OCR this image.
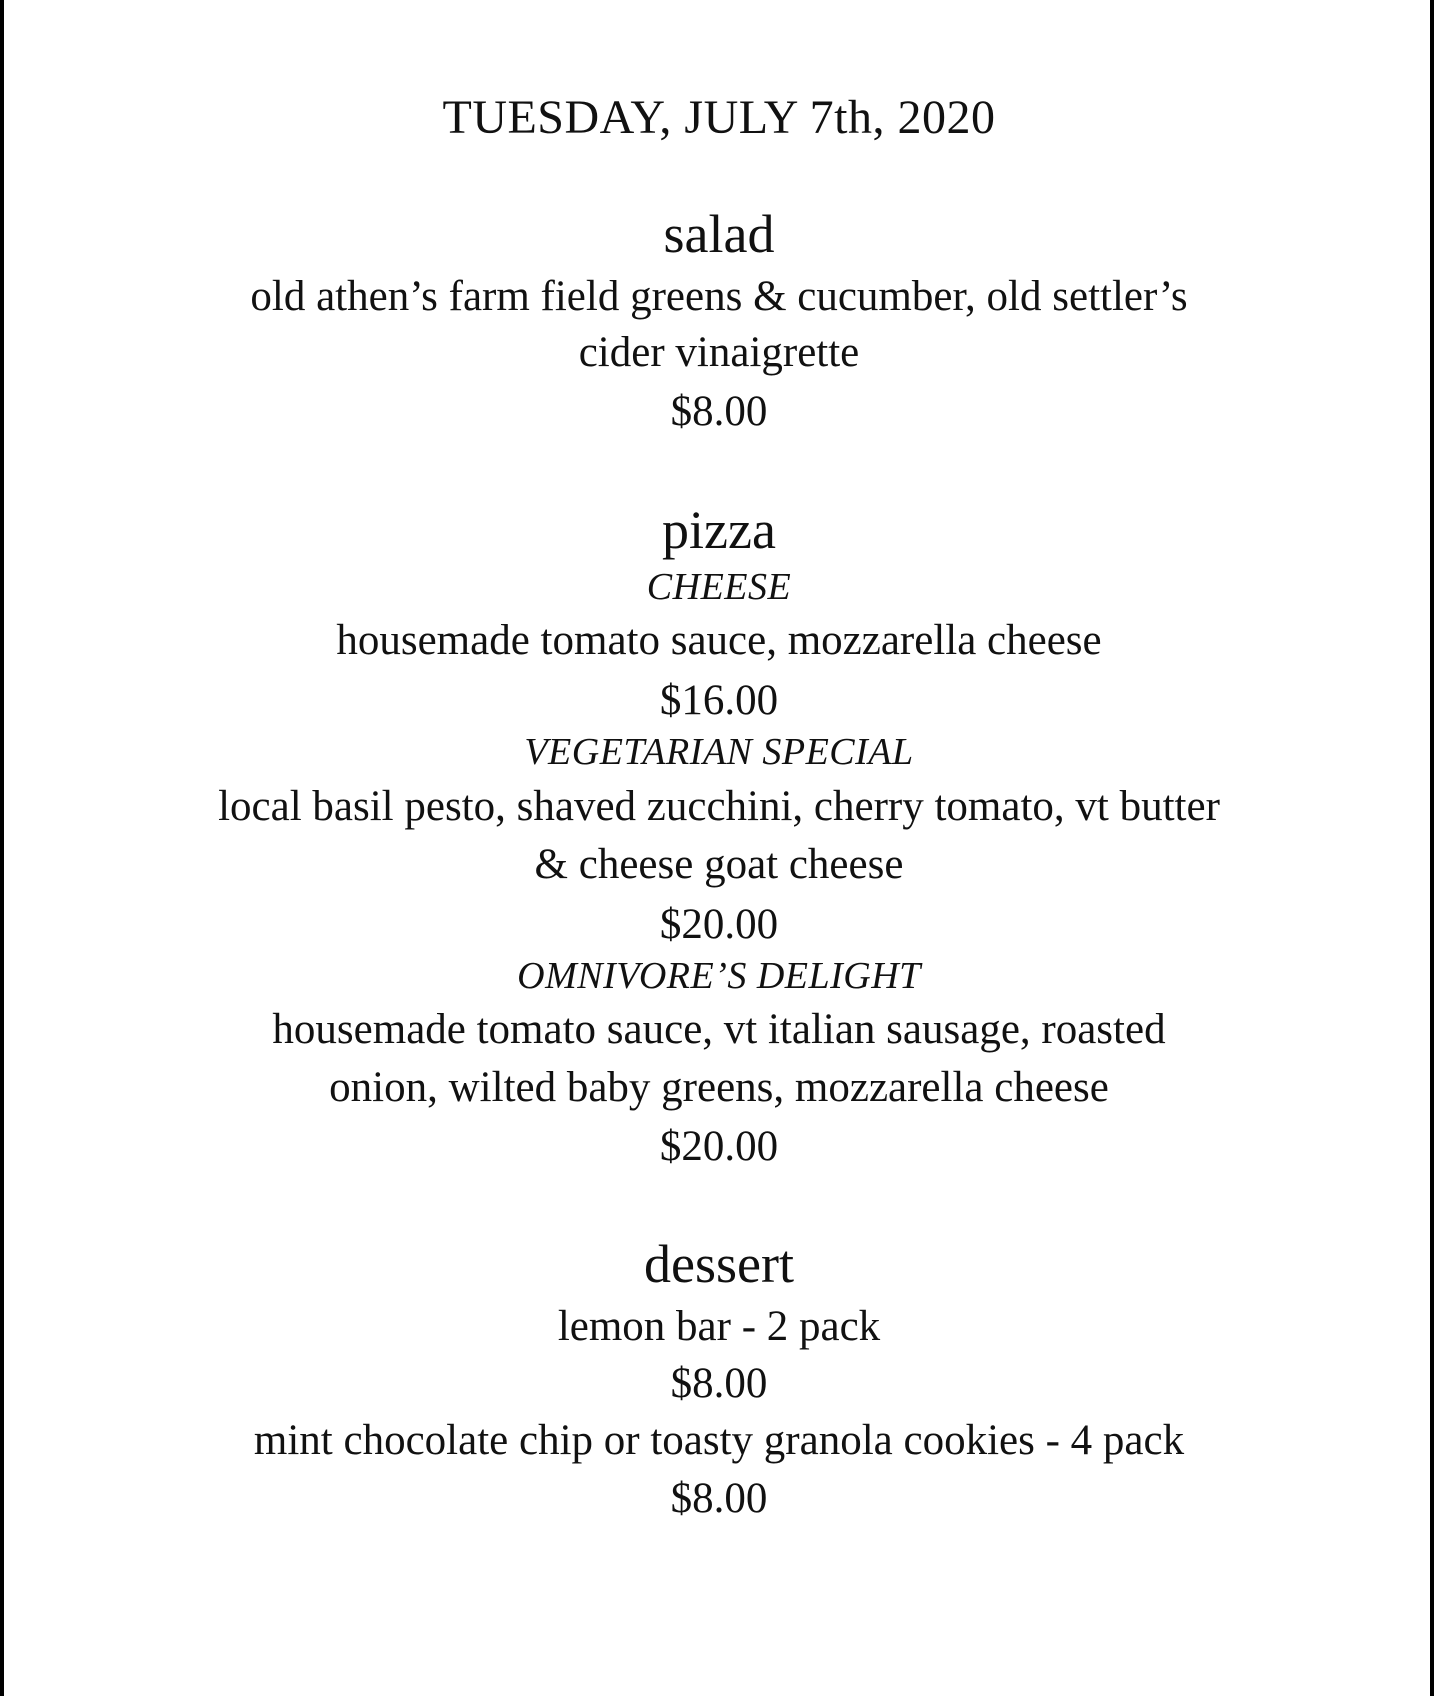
TUESDAY, JULY 7th, 2020
salad
old athen’s farm field greens & cucumber, old settler’s
cider vinaigrette
$8.00
pizza
CHEESE
housemade tomato sauce, mozzarella cheese
$16.00
VEGETARIAN SPECIAL
local basil pesto, shaved zucchini, cherry tomato, vt butter
& cheese goat cheese
$20.00
OMNIVORE’S DELIGHT
housemade tomato sauce, vt italian sausage, roasted
onion, wilted baby greens, mozzarella cheese
$20.00
dessert
lemon bar - 2 pack
$8.00
mint chocolate chip or toasty granola cookies - 4 pack
$8.00
